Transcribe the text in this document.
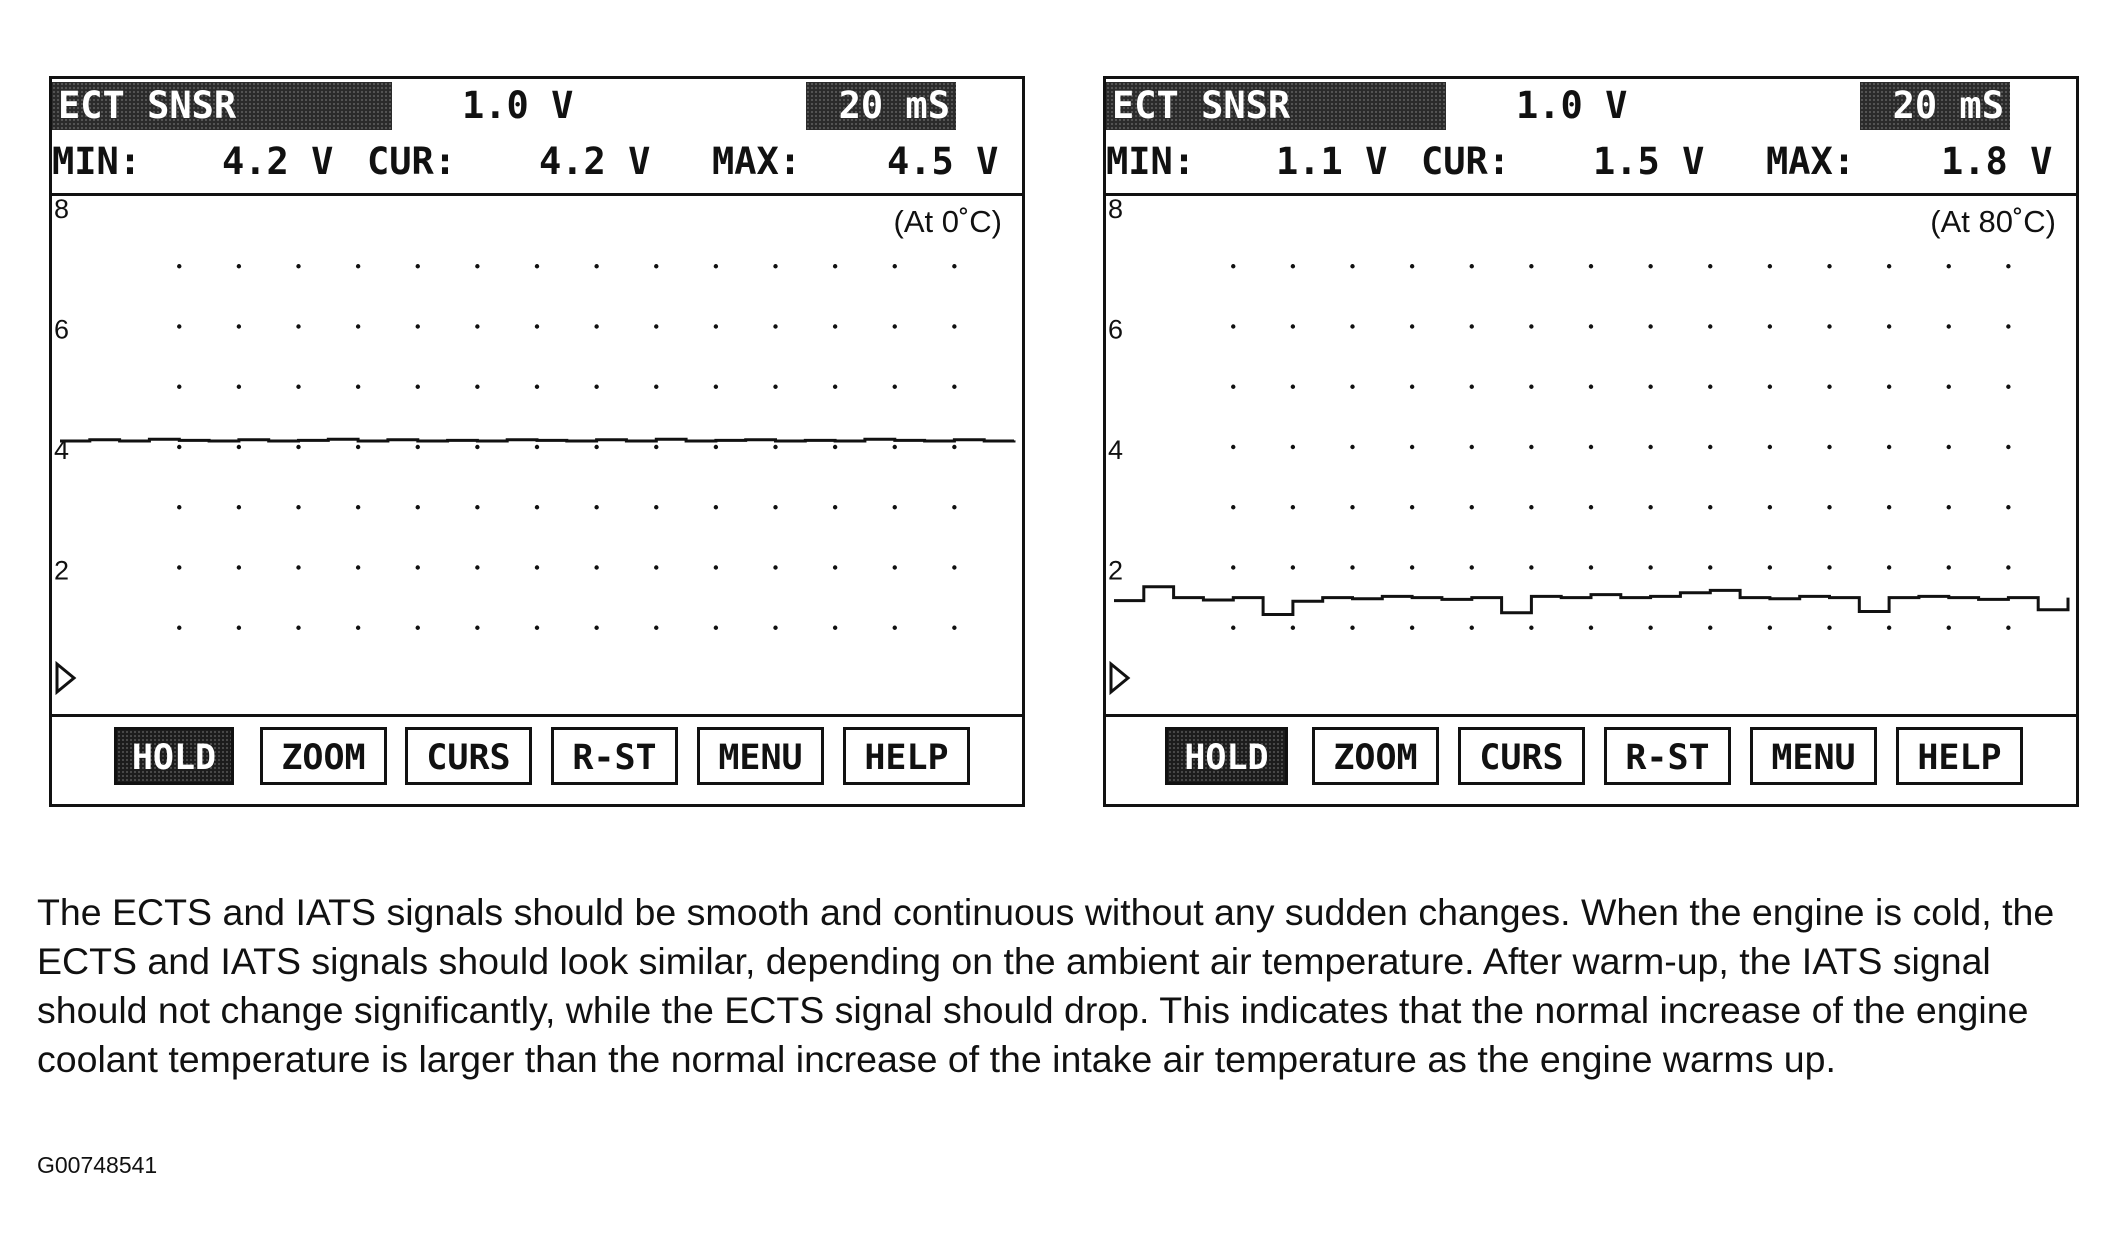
ECT SNSR

	1.0 V

	20 mS

MIN:

4.2 V

CUR:

4.2 V

MAX:

4.5 V

8
6
4
2
(At 0˚C)
HOLD	ZOOM	CURS	R-ST	MENU	HELP

ECT SNSR

	1.0 V

	20 mS

MIN:

1.1 V

CUR:

1.5 V

MAX:

1.8 V

8
6
4
2
(At 80˚C)
HOLD	ZOOM	CURS	R-ST	MENU	HELP
The ECTS and IATS signals should be smooth and continuous without any sudden changes. When the engine is cold, the ECTS and IATS signals should look similar, depending on the ambient air temperature. After warm-up, the IATS signal should not change significantly, while the ECTS signal should drop. This indicates that the normal increase of the engine coolant temperature is larger than the normal increase of the intake air temperature as the engine warms up.
G00748541
